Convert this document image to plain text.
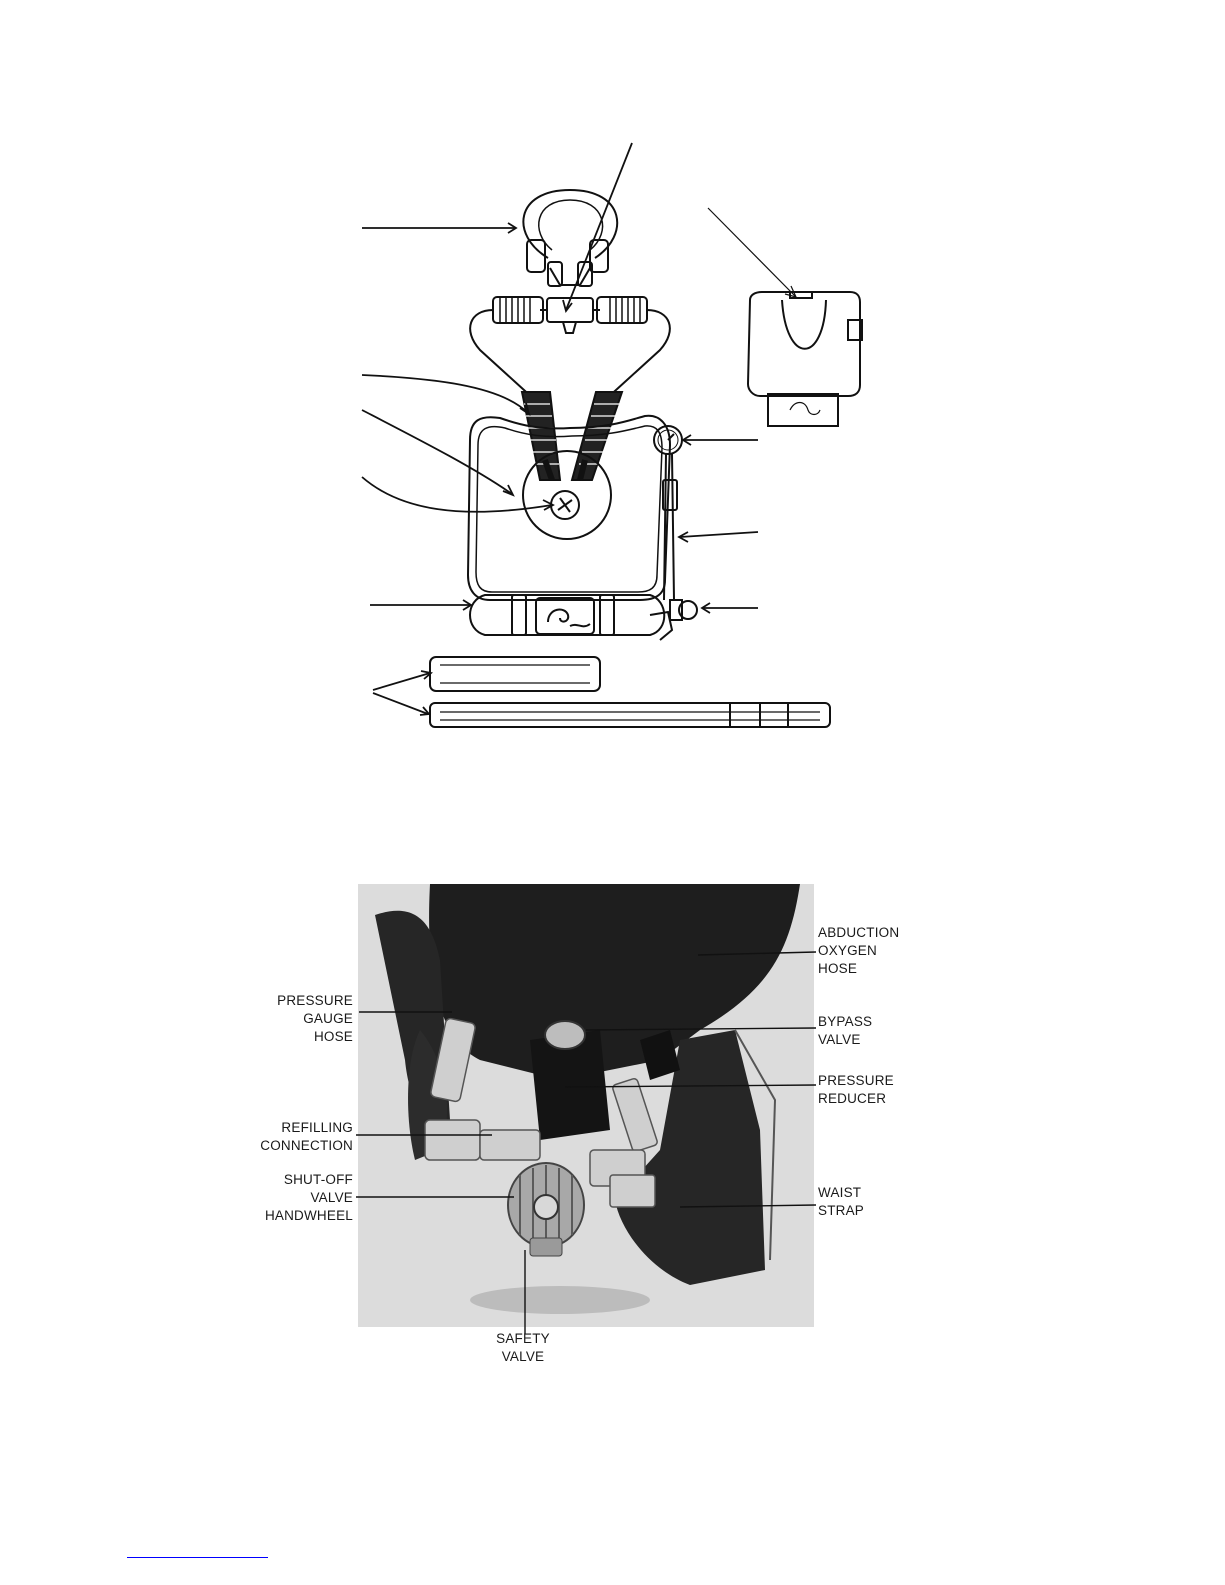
ABDUCTION
OXYGEN
HOSE
PRESSURE
GAUGE
HOSE
BYPASS
VALVE
PRESSURE
REDUCER
REFILLING
CONNECTION
SHUT-OFF
VALVE
HANDWHEEL
WAIST
STRAP
SAFETY
VALVE
